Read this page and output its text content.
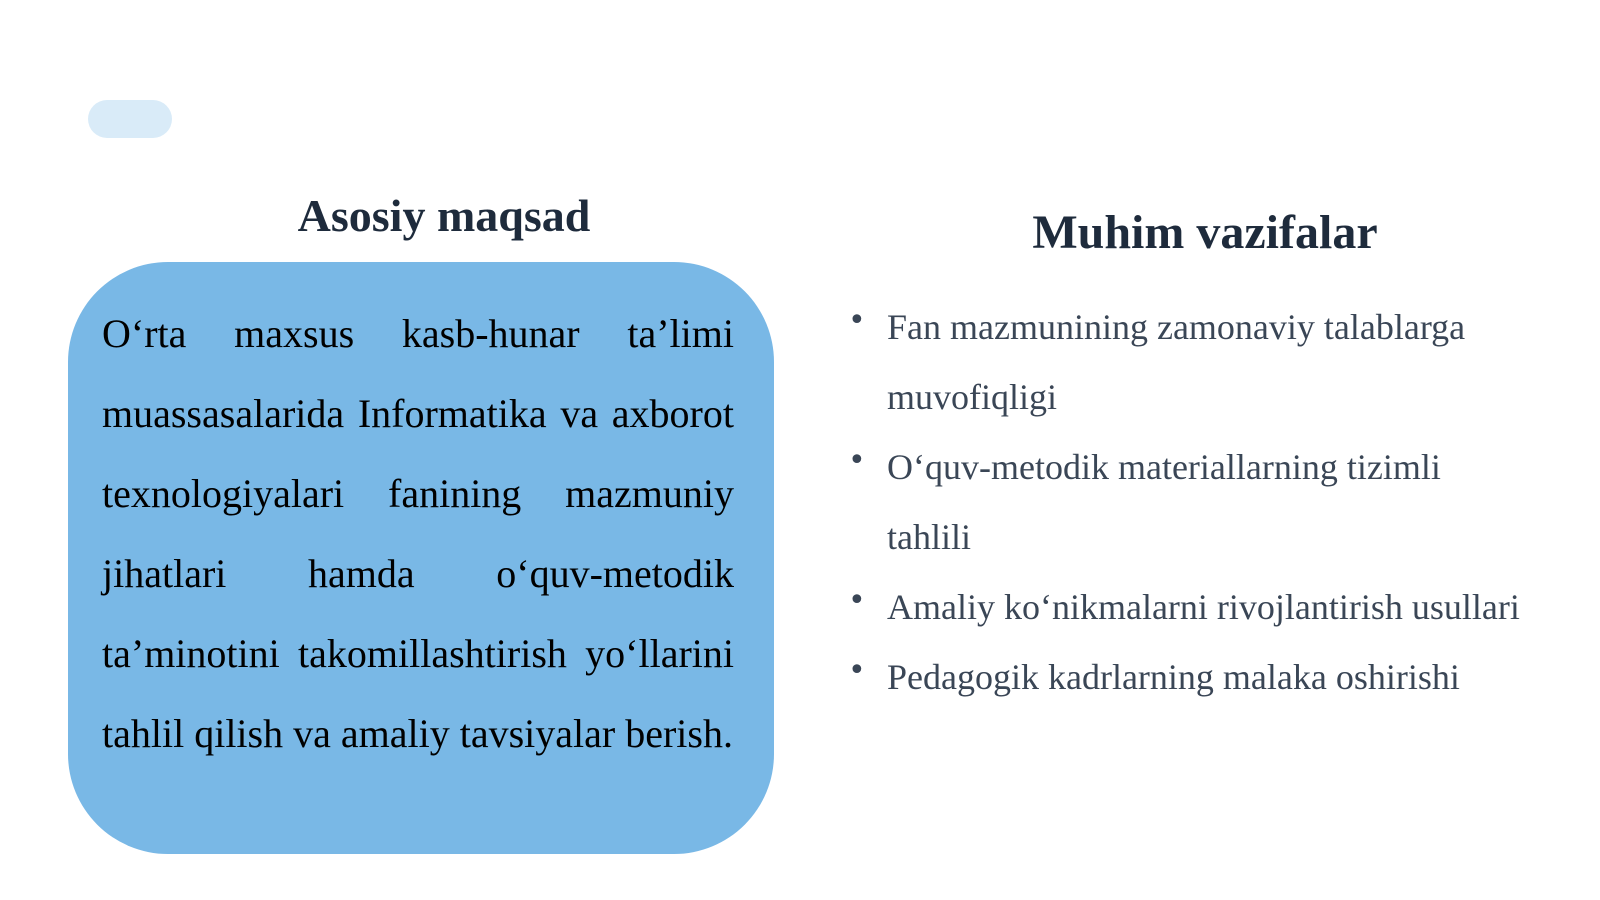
Asosiy maqsad

O‘rta maxsus kasb-hunar ta’limi muassasalarida Informatika va axborot texnologiyalari fanining mazmuniy jihatlari hamda o‘quv-metodik ta’minotini takomillashtirish yo‘llarini tahlil qilish va amaliy tavsiyalar berish.

Muhim vazifalar
• Fan mazmunining zamonaviy talablarga muvofiqligi
• O‘quv-metodik materiallarning tizimli tahlili
• Amaliy ko‘nikmalarni rivojlantirish usullari
• Pedagogik kadrlarning malaka oshirishi
